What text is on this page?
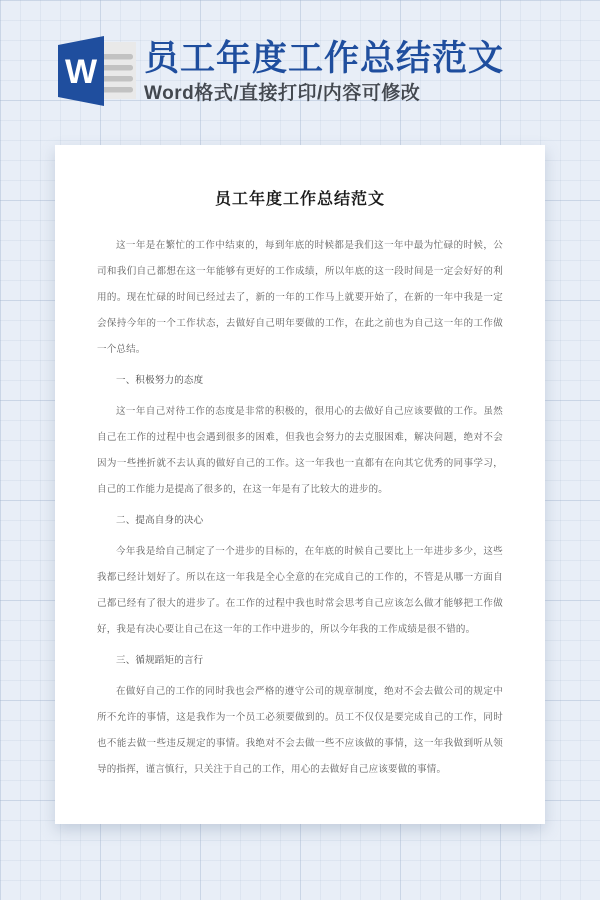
W 员工年度工作总结范文
Word格式/直接打印/内容可修改
员工年度工作总结范文

这一年是在繁忙的工作中结束的，每到年底的时候都是我们这一年中最为忙碌的时候，公司和我们自己都想在这一年能够有更好的工作成绩，所以年底的这一段时间是一定会好好的利用的。现在忙碌的时间已经过去了，新的一年的工作马上就要开始了，在新的一年中我是一定会保持今年的一个工作状态，去做好自己明年要做的工作，在此之前也为自己这一年的工作做一个总结。

一、积极努力的态度

这一年自己对待工作的态度是非常的积极的，很用心的去做好自己应该要做的工作。虽然自己在工作的过程中也会遇到很多的困难，但我也会努力的去克服困难，解决问题，绝对不会因为一些挫折就不去认真的做好自己的工作。这一年我也一直都有在向其它优秀的同事学习，自己的工作能力是提高了很多的，在这一年是有了比较大的进步的。

二、提高自身的决心

今年我是给自己制定了一个进步的目标的，在年底的时候自己要比上一年进步多少，这些我都已经计划好了。所以在这一年我是全心全意的在完成自己的工作的，不管是从哪一方面自己都已经有了很大的进步了。在工作的过程中我也时常会思考自己应该怎么做才能够把工作做好，我是有决心要让自己在这一年的工作中进步的，所以今年我的工作成绩是很不错的。

三、循规蹈矩的言行

在做好自己的工作的同时我也会严格的遵守公司的规章制度，绝对不会去做公司的规定中所不允许的事情，这是我作为一个员工必须要做到的。员工不仅仅是要完成自己的工作，同时也不能去做一些违反规定的事情。我绝对不会去做一些不应该做的事情，这一年我做到听从领导的指挥，谨言慎行，只关注于自己的工作，用心的去做好自己应该要做的事情。
